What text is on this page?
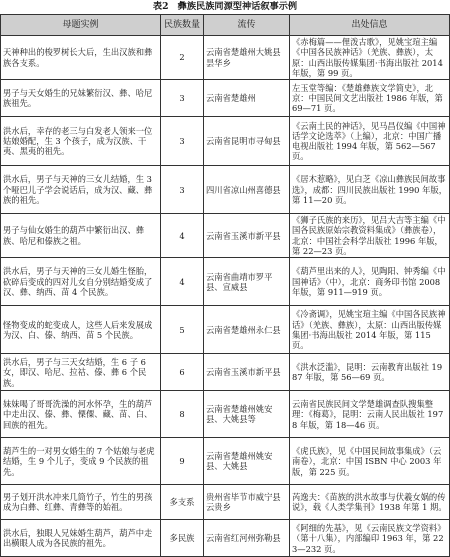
表2　彝族民族同源型神话叙事示例
母题实例	民族数量	流传	出处信息
天神种出的梭罗树长大后，生出汉族和彝族各支系。	2	云南省楚雄州大姚县昙华乡	《赤梅篇——俚泼古歌》，见姚宝瑄主编《中国各民族神话》（羌族、彝族），太原：山西出版传媒集团·书海出版社 2014 年版，第 99 页。
男子与天女婚生的兄妹繁衍汉、彝、哈尼族祖先。	3	云南省楚雄州	左玉堂等编：《楚雄彝族文学简史》，北京：中国民间文艺出版社 1986 年版，第 69—71 页。
洪水后，幸存的老三与白发老人领来一位姑娘婚配，生 3 个孩子，成为汉族、干夷、黑夷的祖先。	3	云南省昆明市寻甸县	《云南土民的神话》，见马昌仪编《中国神话学文论选萃》（上编），北京：中国广播电视出版社 1994 年版，第 562—567 页。
洪水后，男子与天神的三女儿结婚，生 3 个哑巴儿子学会说话后，成为汉、藏、彝族的祖先。	3	四川省凉山州喜德县	《居木惹略》，见白芝《凉山彝族民间故事选》，成都：四川民族出版社 1990 年版，第 11—20 页。
男子与仙女婚生的葫芦中繁衍出汉、彝族、哈尼和傣族之祖。	4	云南省玉溪市新平县	《狮子氏族的来历》，见吕大吉等主编《中国各民族原始宗教资料集成》（彝族卷），北京：中国社会科学出版社 1996 年版，第 22—23 页。
洪水后，男子与天神的三女儿婚生怪胎，砍碎后变成的四对儿女自分别结婚变成了汉、彝、纳西、苗 4 个民族。	4	云南省曲靖市罗平县、宣威县	《葫芦里出来的人》，见陶阳、钟秀编《中国神话》（中），北京：商务印书馆 2008 年版，第 911—919 页。
怪物变成的蛇变成人，这些人后来发展成为汉、白、傣、纳西、苗 5 个民族。	5	云南省楚雄州永仁县	《冷斋调》，见姚宝瑄主编《中国各民族神话》（羌族、彝族），太原：山西出版传媒集团·书海出版社 2014 年版，第 115 页。
洪水后，男子与三天女结婚，生 6 子 6 女，即汉、哈尼、拉祜、傣、彝 6 个民族。	6	云南省玉溪市新平县	《洪水泛滥》，昆明：云南教育出版社 1987 年版，第 56—69 页。
妹妹喝了哥哥洗澡的河水怀孕，生的葫芦中走出汉、傣、彝、傈僳、藏、苗、白、回族的祖先。	8	云南省楚雄州姚安县、大姚县等	云南省民族民间文学楚雄调查队搜集整理：《梅葛》，昆明：云南人民出版社 1978 年版，第 18—46 页。
葫芦生的一对男女婚生的 7 个姑娘与老虎结婚，生 9 个儿子，变成 9 个民族的祖先。	9	云南省楚雄州姚安县、大姚县	《虎氏族》，见《中国民间故事集成》（云南卷），北京：中国 ISBN 中心 2003 年版，第 225 页。
男子划开洪水冲来几筒竹子，竹生的男孩成为白彝、红彝、青彝等的始祖。	多支系	贵州省毕节市威宁县云贵乡	芮逸夫：《苗族的洪水故事与伏羲女娲的传说》，载《人类学集刊》1938 年第 1 期。
洪水后，独眼人兄妹婚生葫芦，葫芦中走出横眼人成为各民族的祖先。	多民族	云南省红河州弥勒县	《阿细的先基》，见《云南民族文学资料》（第十八集），内部编印 1963 年，第 223—232 页。
